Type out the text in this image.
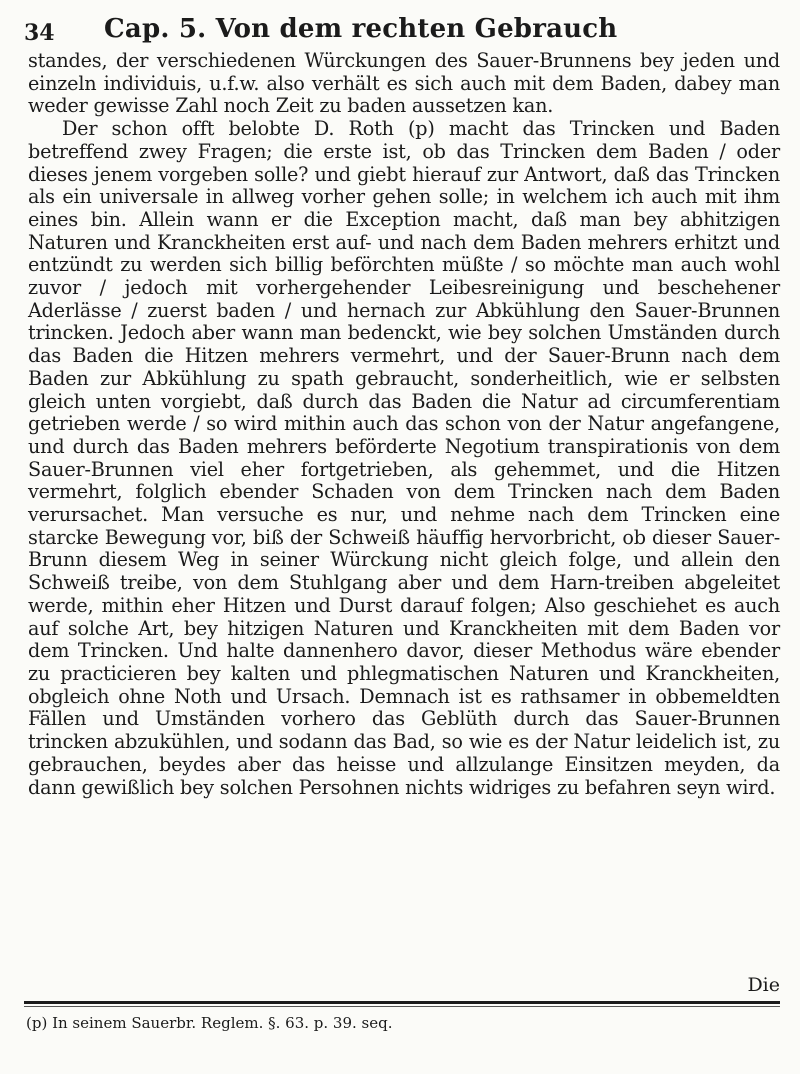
34 Cap. 5. Von dem rechten Gebrauch

standes, der verschiedenen Würckungen des Sauer-Brunnens bey jeden und einzeln individuis, u.f.w. also verhält es sich auch mit dem Baden, dabey man weder gewisse Zahl noch Zeit zu baden aussetzen kan.

Der schon offt belobte D. Roth (p) macht das Trincken und Baden betreffend zwey Fragen; die erste ist, ob das Trincken dem Baden / oder dieses jenem vorgeben solle? und giebt hierauf zur Antwort, daß das Trincken als ein universale in allweg vorher gehen solle; in welchem ich auch mit ihm eines bin. Allein wann er die Exception macht, daß man bey abhitzigen Naturen und Kranckheiten erst auf- und nach dem Baden mehrers erhitzt und entzündt zu werden sich billig beförchten müßte / so möchte man auch wohl zuvor / jedoch mit vorhergehender Leibesreinigung und beschehener Aderlässe / zuerst baden / und hernach zur Abkühlung den Sauer-Brunnen trincken. Jedoch aber wann man bedenckt, wie bey solchen Umständen durch das Baden die Hitzen mehrers vermehrt, und der Sauer-Brunn nach dem Baden zur Abkühlung zu spath gebraucht, sonderheitlich, wie er selbsten gleich unten vorgiebt, daß durch das Baden die Natur ad circumferentiam getrieben werde / so wird mithin auch das schon von der Natur angefangene, und durch das Baden mehrers beförderte Negotium transpirationis von dem Sauer-Brunnen viel eher fortgetrieben, als gehemmet, und die Hitzen vermehrt, folglich ebender Schaden von dem Trincken nach dem Baden verursachet. Man versuche es nur, und nehme nach dem Trincken eine starcke Bewegung vor, biß der Schweiß häuffig hervorbricht, ob dieser Sauer-Brunn diesem Weg in seiner Würckung nicht gleich folge, und allein den Schweiß treibe, von dem Stuhlgang aber und dem Harn-treiben abgeleitet werde, mithin eher Hitzen und Durst darauf folgen; Also geschiehet es auch auf solche Art, bey hitzigen Naturen und Kranckheiten mit dem Baden vor dem Trincken. Und halte dannenhero davor, dieser Methodus wäre ebender zu practicieren bey kalten und phlegmatischen Naturen und Kranckheiten, obgleich ohne Noth und Ursach. Demnach ist es rathsamer in obbemeldten Fällen und Umständen vorhero das Geblüth durch das Sauer-Brunnen trincken abzukühlen, und sodann das Bad, so wie es der Natur leidelich ist, zu gebrauchen, beydes aber das heisse und allzulange Einsitzen meyden, da dann gewißlich bey solchen Persohnen nichts widriges zu befahren seyn wird.

Die
(p) In seinem Sauerbr. Reglem. §. 63. p. 39. seq.
